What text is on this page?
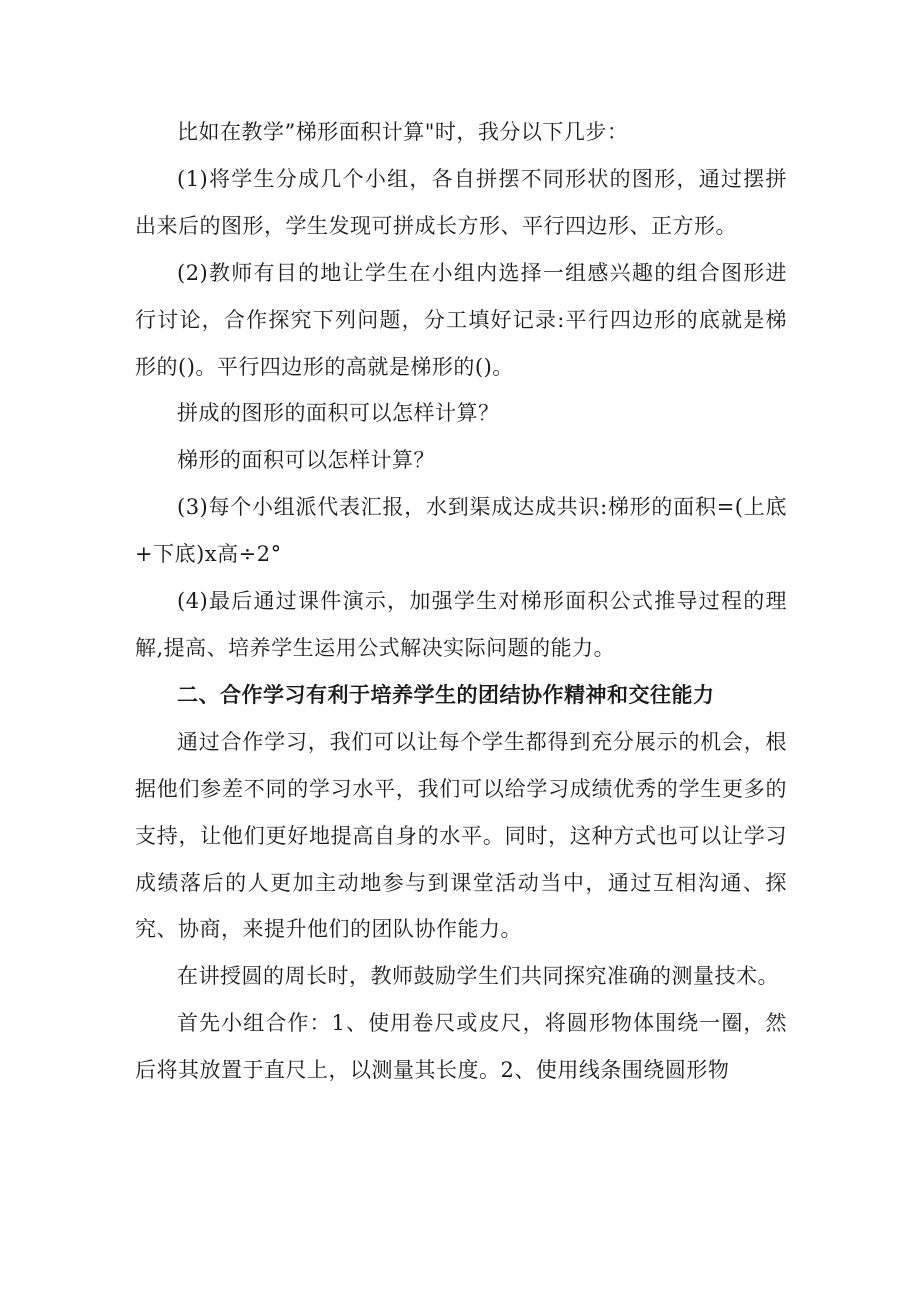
比如在教学”梯形面积计算"时，我分以下几步：

(1)将学生分成几个小组，各自拼摆不同形状的图形，通过摆拼出来后的图形，学生发现可拼成长方形、平行四边形、正方形。

(2)教师有目的地让学生在小组内选择一组感兴趣的组合图形进行讨论，合作探究下列问题，分工填好记录:平行四边形的底就是梯形的()。平行四边形的高就是梯形的()。

拼成的图形的面积可以怎样计算？

梯形的面积可以怎样计算？

(3)每个小组派代表汇报，水到渠成达成共识:梯形的面积=(上底+下底)x高÷2°

(4)最后通过课件演示，加强学生对梯形面积公式推导过程的理解,提高、培养学生运用公式解决实际问题的能力。

二、合作学习有利于培养学生的团结协作精神和交往能力

通过合作学习，我们可以让每个学生都得到充分展示的机会，根据他们参差不同的学习水平，我们可以给学习成绩优秀的学生更多的支持，让他们更好地提高自身的水平。同时，这种方式也可以让学习成绩落后的人更加主动地参与到课堂活动当中，通过互相沟通、探究、协商，来提升他们的团队协作能力。

在讲授圆的周长时，教师鼓励学生们共同探究准确的测量技术。

首先小组合作：1、使用卷尺或皮尺，将圆形物体围绕一圈，然后将其放置于直尺上，以测量其长度。2、使用线条围绕圆形物
